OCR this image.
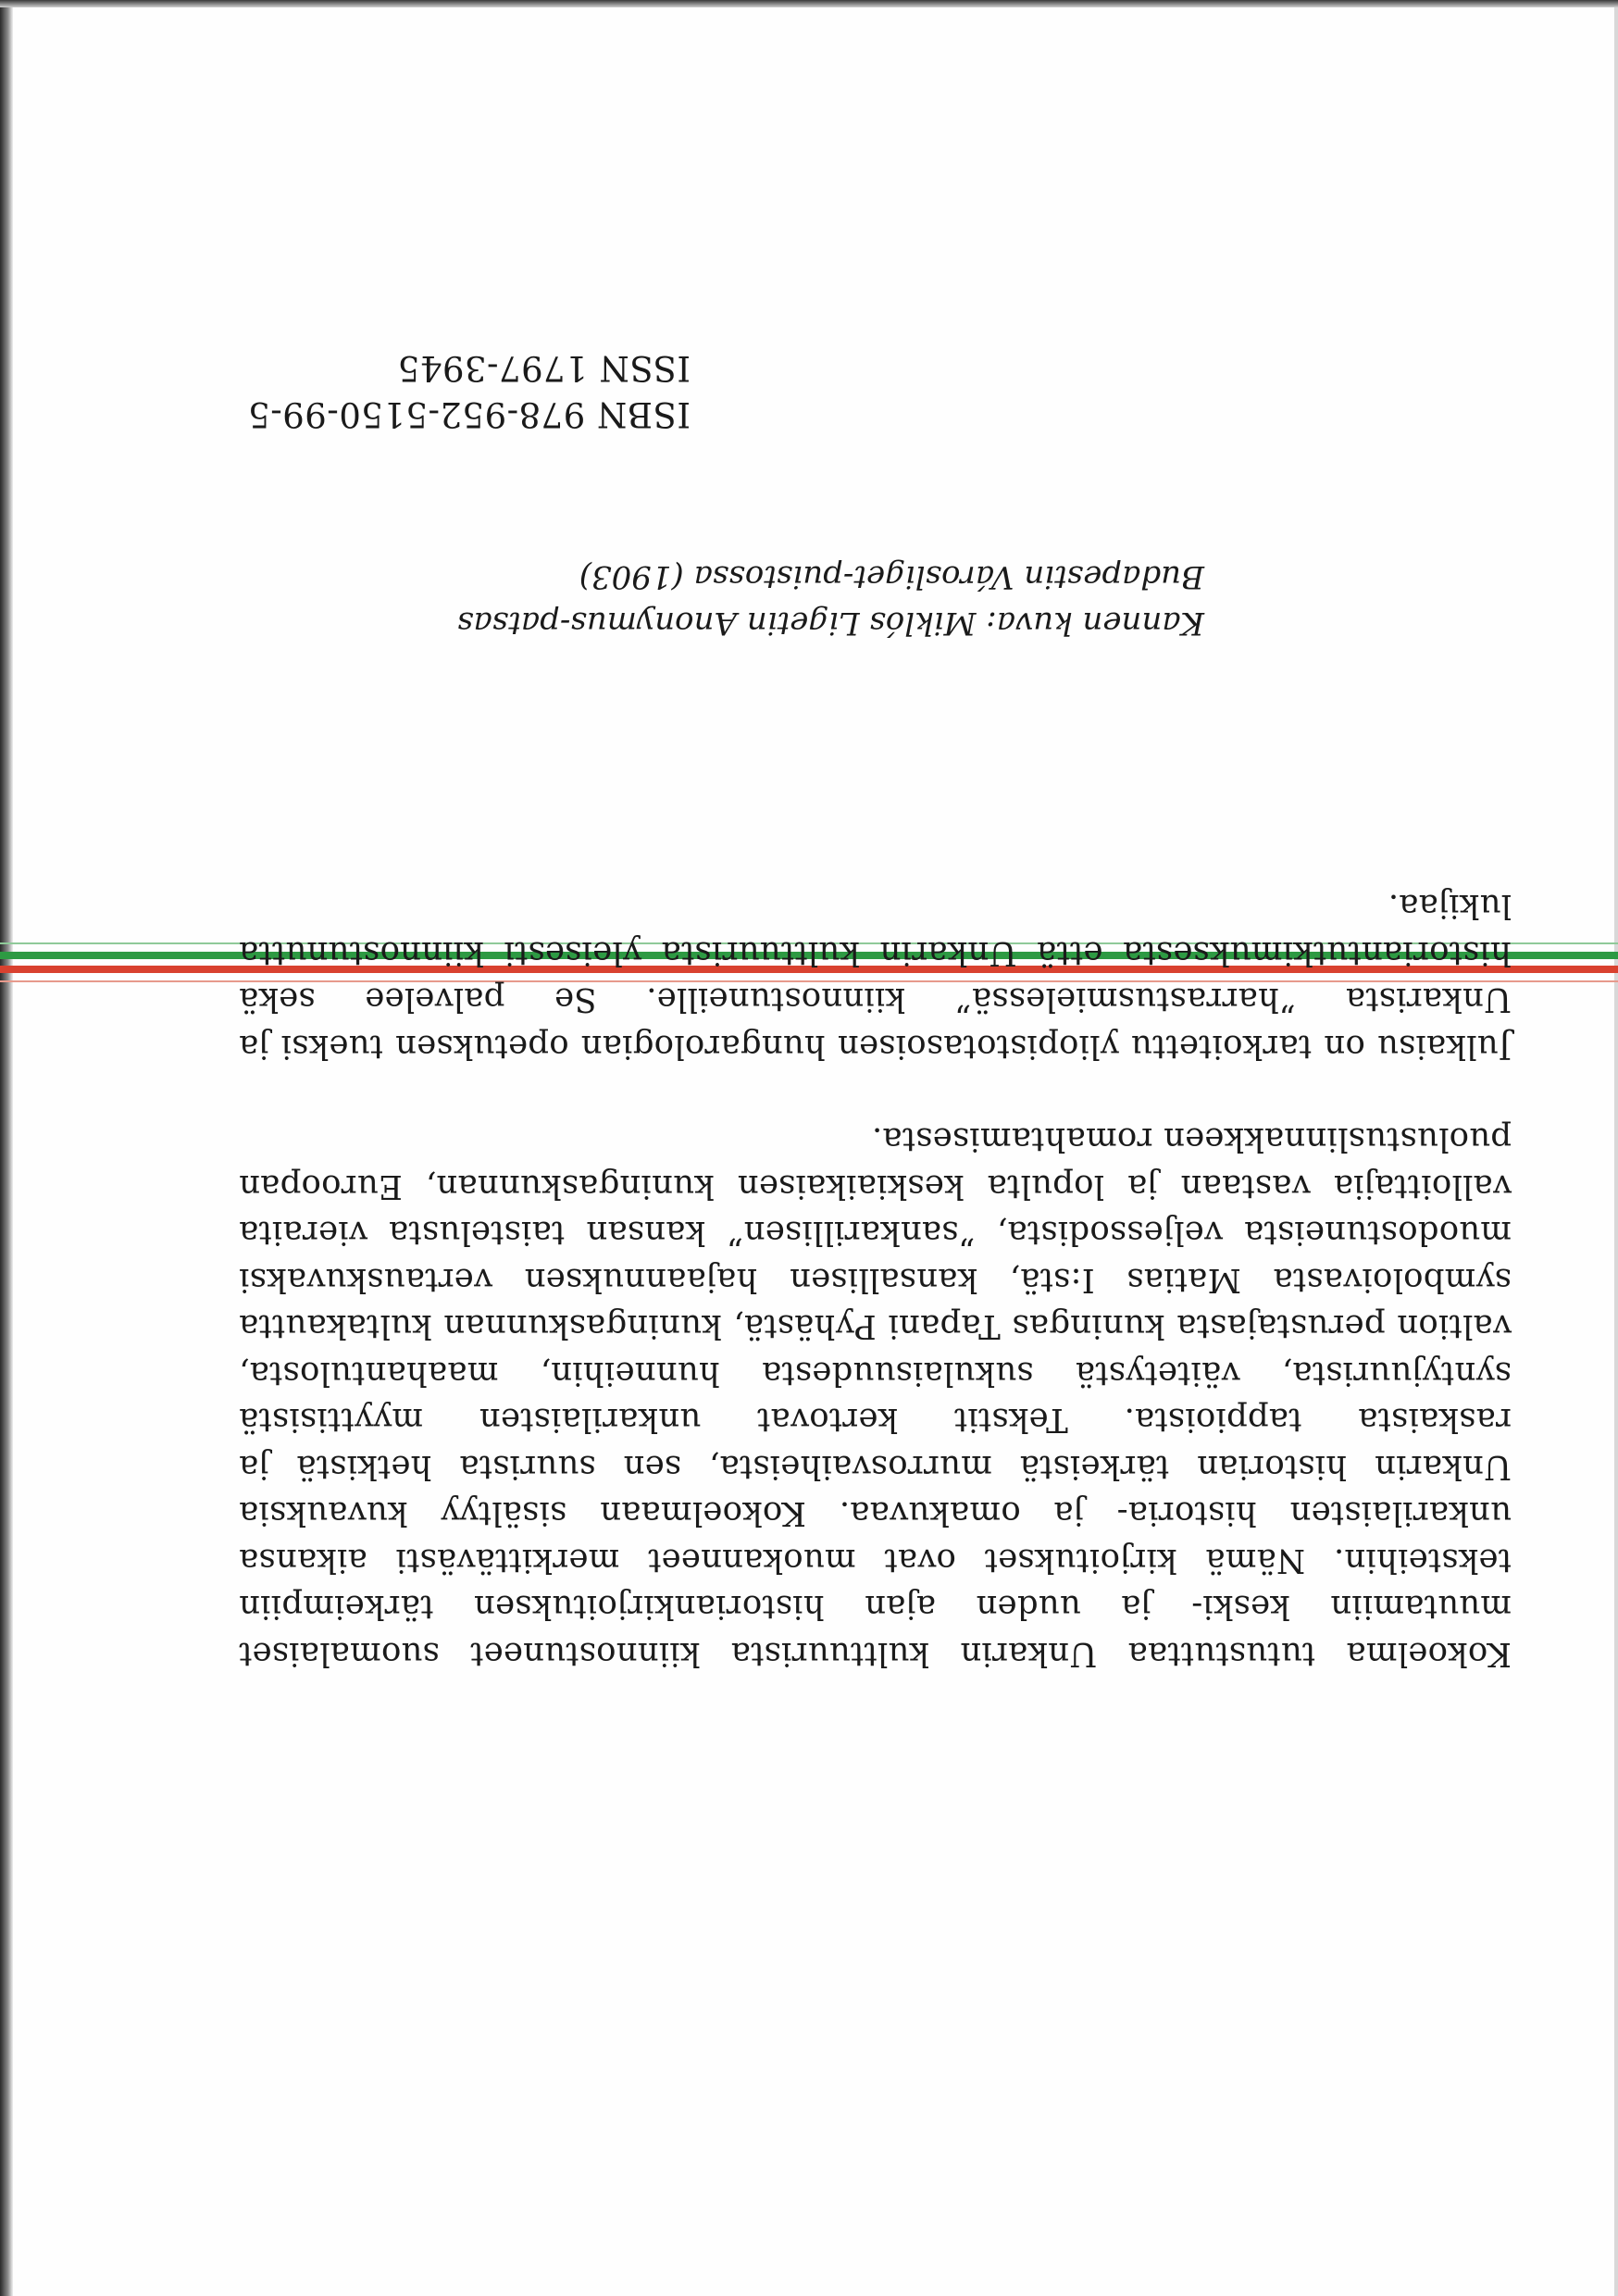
Kokoelma tutustuttaa Unkarin kulttuurista kiinnostuneet suomalaiset muutamiin keski- ja uuden ajan historiankirjoituksen tärkeimpiin teksteihin. Nämä kirjoitukset ovat muokanneet merkittävästi aikansa unkarilaisten historia- ja omakuvaa. Kokoelmaan sisältyy kuvauksia Unkarin historian tärkeistä murrosvaiheista, sen suurista hetkistä ja raskaista tappioista. Tekstit kertovat unkarilaisten myyttisistä syntyjuurista, väitetystä sukulaisuudesta hunneihin, maahantulosta, valtion perustajasta kuningas Tapani Pyhästä, kuningaskunnan kultakautta symboloivasta Matias I:stä, kansallisen hajaannuksen vertauskuvaksi muodostuneista veljessodista, ”sankarillisen” kansan taistelusta vieraita valloittajia vastaan ja lopulta keskiaikaisen kuningaskunnan, Euroopan puolustuslinnakkeen romahtamisesta.

Julkaisu on tarkoitettu yliopistotasoisen hungarologian opetuksen tueksi ja Unkarista ”harrastusmielessä” kiinnostuneille. Se palvelee sekä historiantutkimuksesta että Unkarin kulttuurista yleisesti kiinnostunutta lukijaa.

Kannen kuva: Miklós Ligetin Anonymus-patsas
Budapestin Városliget-puistossa (1903)
ISBN 978-952-5150-99-5
ISSN 1797-3945
